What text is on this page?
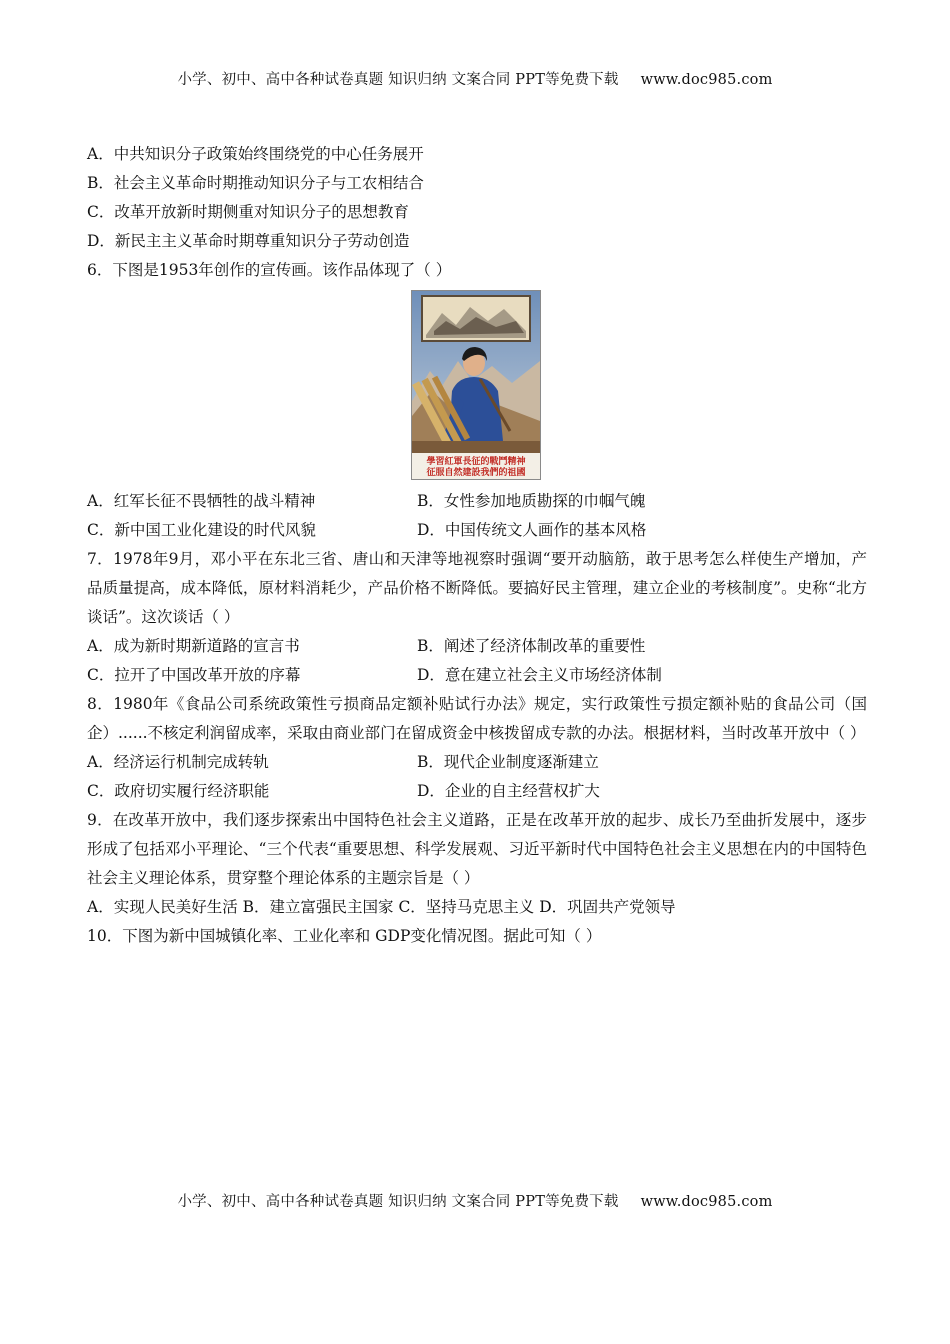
小学、初中、高中各种试卷真题 知识归纳 文案合同 PPT等免费下载 www.doc985.com
A．中共知识分子政策始终围绕党的中心任务展开
B．社会主义革命时期推动知识分子与工农相结合
C．改革开放新时期侧重对知识分子的思想教育
D．新民主主义革命时期尊重知识分子劳动创造
6．下图是1953年创作的宣传画。该作品体现了（ ）
學習紅軍長征的戰鬥精神
征服自然建設我們的祖國
A．红军长征不畏牺牲的战斗精神	B．女性参加地质勘探的巾帼气魄
C．新中国工业化建设的时代风貌	D．中国传统文人画作的基本风格
7．1978年9月，邓小平在东北三省、唐山和天津等地视察时强调“要开动脑筋，敢于思考怎么样使生产增加，产品质量提高，成本降低，原材料消耗少，产品价格不断降低。要搞好民主管理，建立企业的考核制度”。史称“北方谈话”。这次谈话（ ）
A．成为新时期新道路的宣言书	B．阐述了经济体制改革的重要性
C．拉开了中国改革开放的序幕	D．意在建立社会主义市场经济体制
8．1980年《食品公司系统政策性亏损商品定额补贴试行办法》规定，实行政策性亏损定额补贴的食品公司（国企）......不核定利润留成率，采取由商业部门在留成资金中核拨留成专款的办法。根据材料，当时改革开放中（ ）
A．经济运行机制完成转轨	B．现代企业制度逐渐建立
C．政府切实履行经济职能	D．企业的自主经营权扩大
9．在改革开放中，我们逐步探索出中国特色社会主义道路，正是在改革开放的起步、成长乃至曲折发展中，逐步形成了包括邓小平理论、“三个代表“重要思想、科学发展观、习近平新时代中国特色社会主义思想在内的中国特色社会主义理论体系，贯穿整个理论体系的主题宗旨是（ ）
A．实现人民美好生活 B．建立富强民主国家 C．坚持马克思主义 D．巩固共产党领导
10．下图为新中国城镇化率、工业化率和 GDP变化情况图。据此可知（ ）
小学、初中、高中各种试卷真题 知识归纳 文案合同 PPT等免费下载 www.doc985.com
